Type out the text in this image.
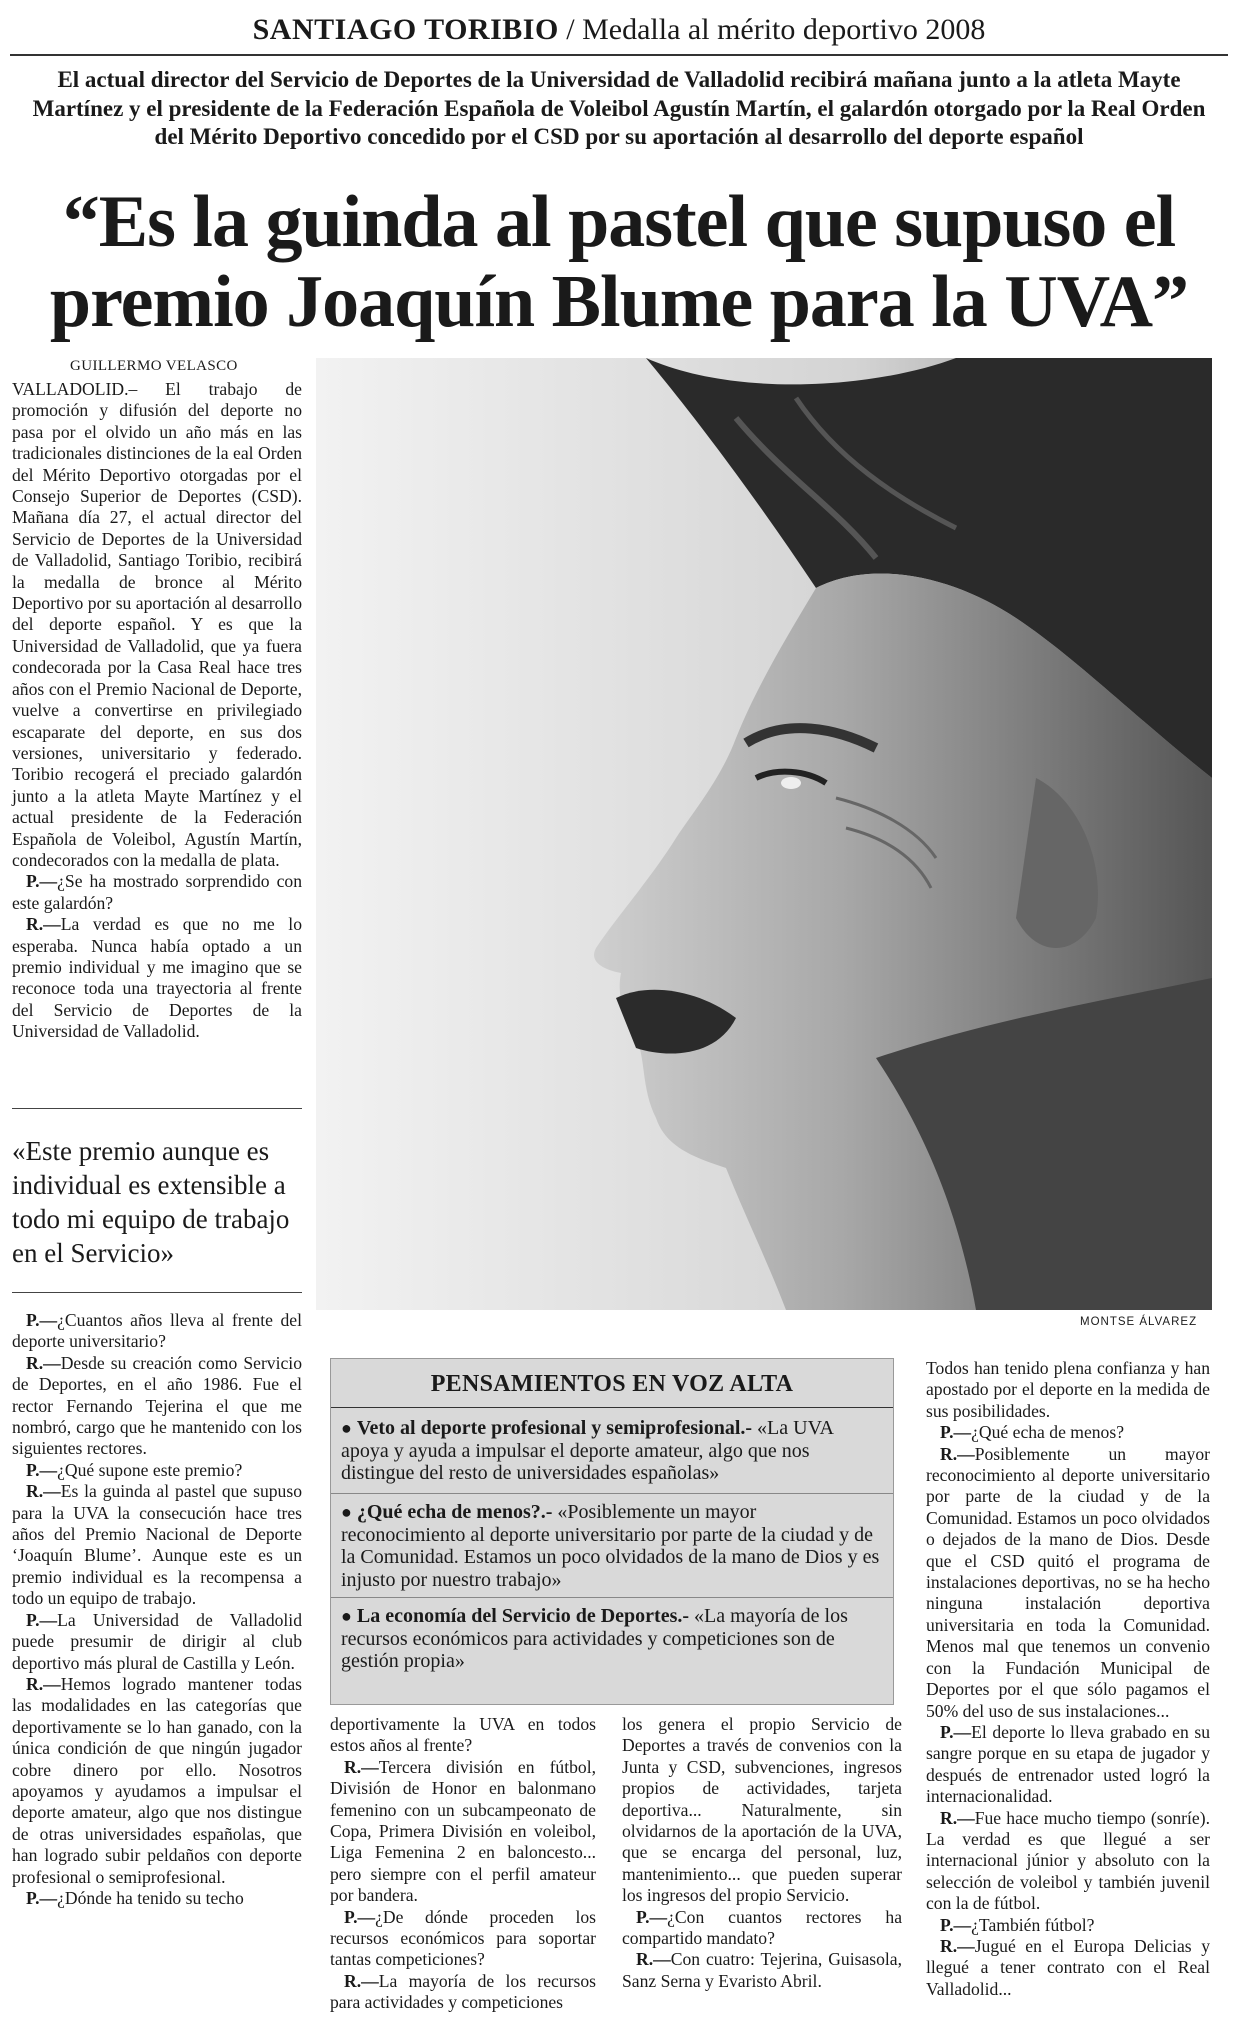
SANTIAGO TORIBIO / Medalla al mérito deportivo 2008
El actual director del Servicio de Deportes de la Universidad de Valladolid recibirá mañana junto a la atleta Mayte Martínez y el presidente de la Federación Española de Voleibol Agustín Martín, el galardón otorgado por la Real Orden del Mérito Deportivo concedido por el CSD por su aportación al desarrollo del deporte español
“Es la guinda al pastel que supuso el premio Joaquín Blume para la UVA”
GUILLERMO VELASCO

VALLADOLID.– El trabajo de promoción y difusión del deporte no pasa por el olvido un año más en las tradicionales distinciones de la eal Orden del Mérito Deportivo otorgadas por el Consejo Superior de Deportes (CSD). Mañana día 27, el actual director del Servicio de Deportes de la Universidad de Valladolid, Santiago Toribio, recibirá la medalla de bronce al Mérito Deportivo por su aportación al desarrollo del deporte español. Y es que la Universidad de Valladolid, que ya fuera condecorada por la Casa Real hace tres años con el Premio Nacional de Deporte, vuelve a convertirse en privilegiado escaparate del deporte, en sus dos versiones, universitario y federado. Toribio recogerá el preciado galardón junto a la atleta Mayte Martínez y el actual presidente de la Federación Española de Voleibol, Agustín Martín, condecorados con la medalla de plata.

P.—¿Se ha mostrado sorprendido con este galardón?

R.—La verdad es que no me lo esperaba. Nunca había optado a un premio individual y me imagino que se reconoce toda una trayectoria al frente del Servicio de Deportes de la Universidad de Valladolid.

«Este premio aunque es individual es extensible a todo mi equipo de trabajo en el Servicio»

P.—¿Cuantos años lleva al frente del deporte universitario?

R.—Desde su creación como Servicio de Deportes, en el año 1986. Fue el rector Fernando Tejerina el que me nombró, cargo que he mantenido con los siguientes rectores.

P.—¿Qué supone este premio?

R.—Es la guinda al pastel que supuso para la UVA la consecución hace tres años del Premio Nacional de Deporte ‘Joaquín Blume’. Aunque este es un premio individual es la recompensa a todo un equipo de trabajo.

P.—La Universidad de Valladolid puede presumir de dirigir al club deportivo más plural de Castilla y León.

R.—Hemos logrado mantener todas las modalidades en las categorías que deportivamente se lo han ganado, con la única condición de que ningún jugador cobre dinero por ello. Nosotros apoyamos y ayudamos a impulsar el deporte amateur, algo que nos distingue de otras universidades españolas, que han logrado subir peldaños con deporte profesional o semiprofesional.

P.—¿Dónde ha tenido su techo

MONTSE ÁLVAREZ
PENSAMIENTOS EN VOZ ALTA
● Veto al deporte profesional y semiprofesional.- «La UVA apoya y ayuda a impulsar el deporte amateur, algo que nos distingue del resto de universidades españolas»
● ¿Qué echa de menos?.- «Posiblemente un mayor reconocimiento al deporte universitario por parte de la ciudad y de la Comunidad. Estamos un poco olvidados de la mano de Dios y es injusto por nuestro trabajo»
● La economía del Servicio de Deportes.- «La mayoría de los recursos económicos para actividades y competiciones son de gestión propia»

deportivamente la UVA en todos estos años al frente?

R.—Tercera división en fútbol, División de Honor en balonmano femenino con un subcampeonato de Copa, Primera División en voleibol, Liga Femenina 2 en baloncesto... pero siempre con el perfil amateur por bandera.

P.—¿De dónde proceden los recursos económicos para soportar tantas competiciones?

R.—La mayoría de los recursos para actividades y competiciones

los genera el propio Servicio de Deportes a través de convenios con la Junta y CSD, subvenciones, ingresos propios de actividades, tarjeta deportiva... Naturalmente, sin olvidarnos de la aportación de la UVA, que se encarga del personal, luz, mantenimiento... que pueden superar los ingresos del propio Servicio.

P.—¿Con cuantos rectores ha compartido mandato?

R.—Con cuatro: Tejerina, Guisasola, Sanz Serna y Evaristo Abril.

Todos han tenido plena confianza y han apostado por el deporte en la medida de sus posibilidades.

P.—¿Qué echa de menos?

R.—Posiblemente un mayor reconocimiento al deporte universitario por parte de la ciudad y de la Comunidad. Estamos un poco olvidados o dejados de la mano de Dios. Desde que el CSD quitó el programa de instalaciones deportivas, no se ha hecho ninguna instalación deportiva universitaria en toda la Comunidad. Menos mal que tenemos un convenio con la Fundación Municipal de Deportes por el que sólo pagamos el 50% del uso de sus instalaciones...

P.—El deporte lo lleva grabado en su sangre porque en su etapa de jugador y después de entrenador usted logró la internacionalidad.

R.—Fue hace mucho tiempo (sonríe). La verdad es que llegué a ser internacional júnior y absoluto con la selección de voleibol y también juvenil con la de fútbol.

P.—¿También fútbol?

R.—Jugué en el Europa Delicias y llegué a tener contrato con el Real Valladolid...
